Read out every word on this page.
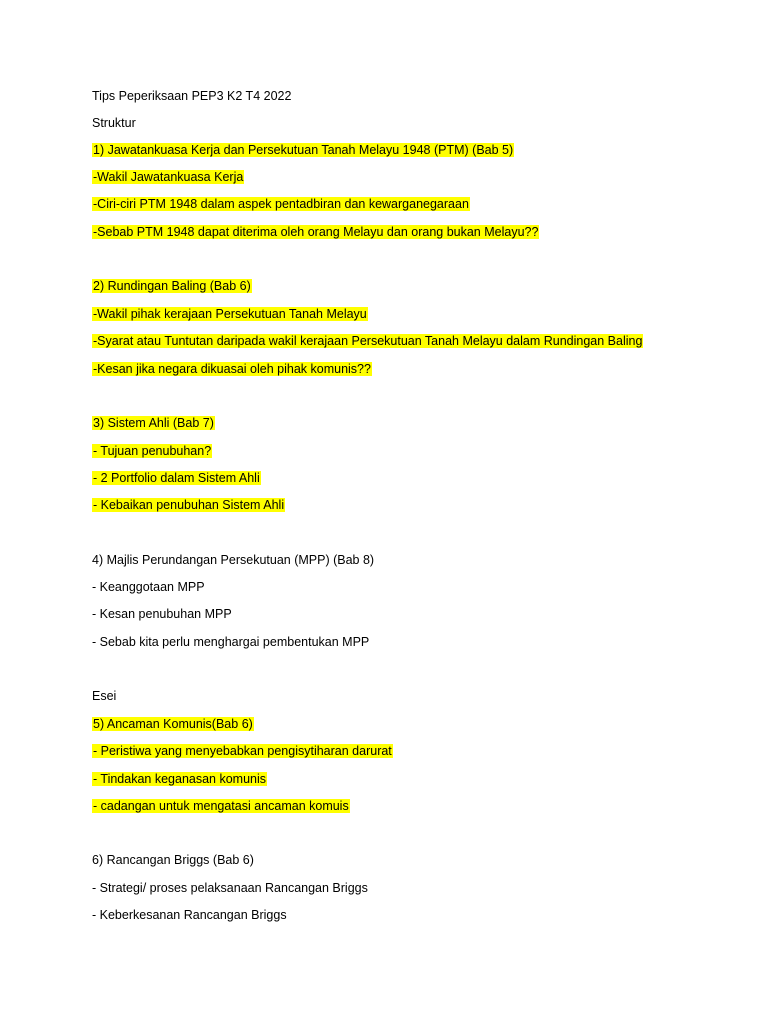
Tips Peperiksaan PEP3 K2 T4 2022
Struktur
1) Jawatankuasa Kerja dan Persekutuan Tanah Melayu 1948 (PTM) (Bab 5)
-Wakil Jawatankuasa Kerja
-Ciri-ciri PTM 1948 dalam aspek pentadbiran dan kewarganegaraan
-Sebab PTM 1948 dapat diterima oleh orang Melayu dan orang bukan Melayu??
2) Rundingan Baling (Bab 6)
-Wakil pihak kerajaan Persekutuan Tanah Melayu
-Syarat atau Tuntutan daripada wakil kerajaan Persekutuan Tanah Melayu dalam Rundingan Baling
-Kesan jika negara dikuasai oleh pihak komunis??
3) Sistem Ahli (Bab 7)
- Tujuan penubuhan?
- 2 Portfolio dalam Sistem Ahli
- Kebaikan penubuhan Sistem Ahli
4) Majlis Perundangan Persekutuan (MPP) (Bab 8)
- Keanggotaan MPP
- Kesan penubuhan MPP
- Sebab kita perlu menghargai pembentukan MPP
Esei
5) Ancaman Komunis(Bab 6)
- Peristiwa yang menyebabkan pengisytiharan darurat
- Tindakan keganasan komunis
- cadangan untuk mengatasi ancaman komuis
6) Rancangan Briggs (Bab 6)
- Strategi/ proses pelaksanaan Rancangan Briggs
- Keberkesanan Rancangan Briggs
